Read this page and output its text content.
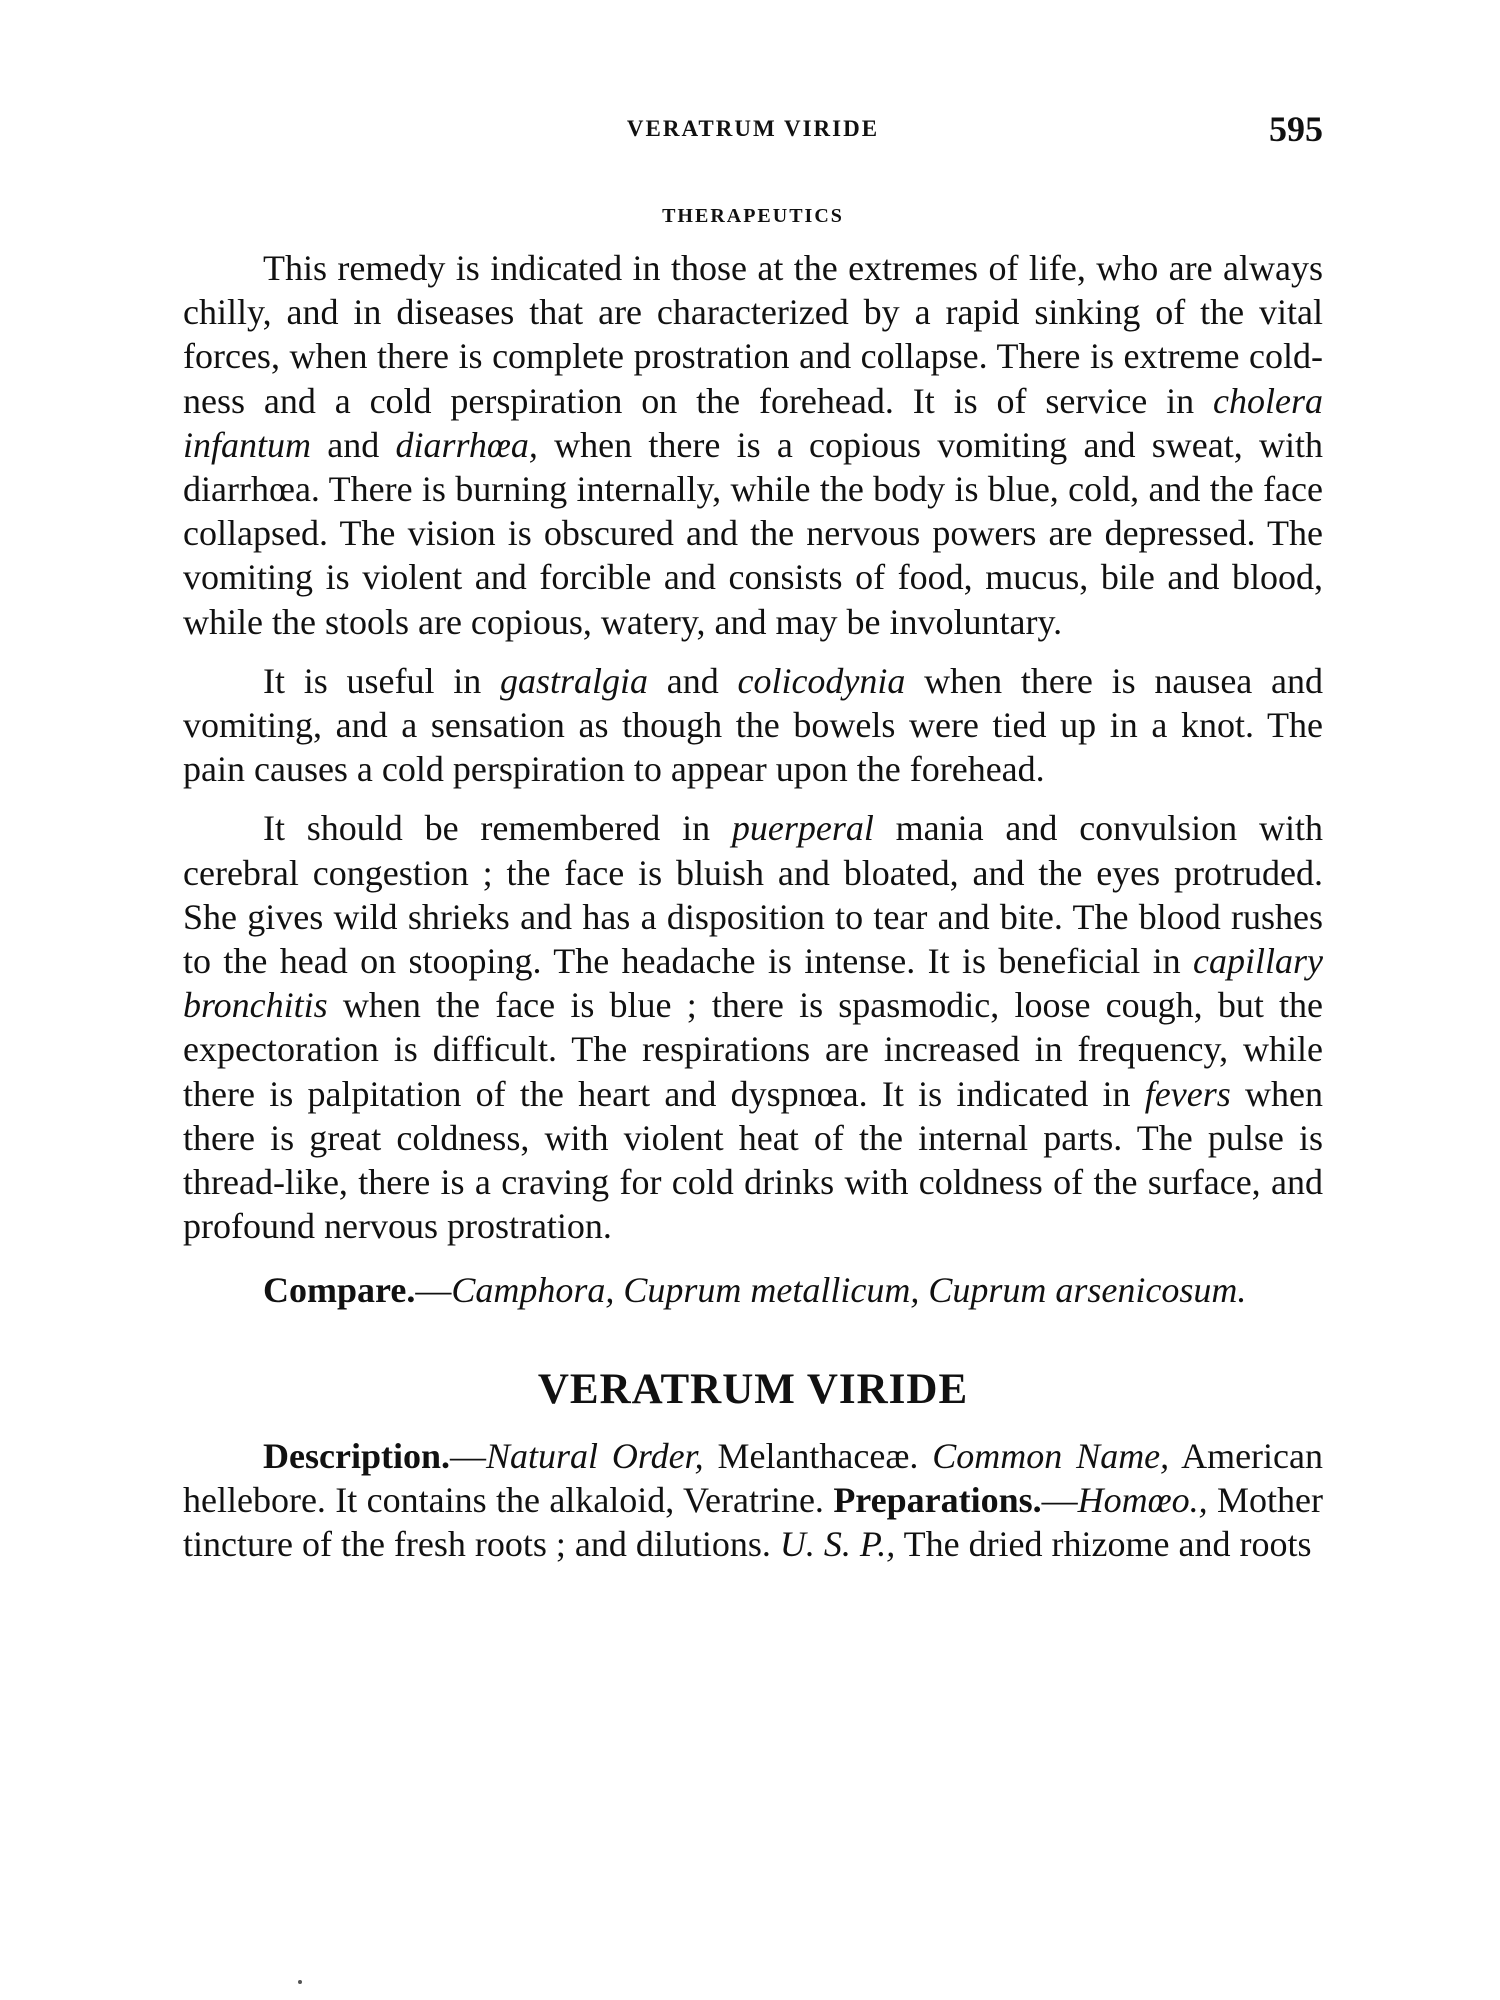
VERATRUM VIRIDE	595
THERAPEUTICS

This remedy is indicated in those at the extremes of life, who are always chilly, and in diseases that are characterized by a rapid sinking of the vital forces, when there is complete prostration and collapse. There is extreme coldness and a cold perspiration on the forehead. It is of service in cholera infantum and diarrhœa, when there is a copious vomiting and sweat, with diarrhœa. There is burning internally, while the body is blue, cold, and the face collapsed. The vision is obscured and the nervous powers are depressed. The vomiting is violent and forcible and consists of food, mucus, bile and blood, while the stools are copious, watery, and may be involuntary.

It is useful in gastralgia and colicodynia when there is nausea and vomiting, and a sensation as though the bowels were tied up in a knot. The pain causes a cold perspiration to appear upon the forehead.

It should be remembered in puerperal mania and convulsion with cerebral congestion ; the face is bluish and bloated, and the eyes protruded. She gives wild shrieks and has a disposition to tear and bite. The blood rushes to the head on stooping. The headache is intense. It is beneficial in capillary bronchitis when the face is blue ; there is spasmodic, loose cough, but the expectoration is difficult. The respirations are increased in frequency, while there is palpitation of the heart and dyspnœa. It is indicated in fevers when there is great coldness, with violent heat of the internal parts. The pulse is thread-like, there is a craving for cold drinks with coldness of the surface, and profound nervous prostration.

Compare.—Camphora, Cuprum metallicum, Cuprum arsenicosum.

VERATRUM VIRIDE

Description.—Natural Order, Melanthaceæ. Common Name, American hellebore. It contains the alkaloid, Veratrine. Preparations.—Homœo., Mother tincture of the fresh roots ; and dilutions. U. S. P., The dried rhizome and roots
